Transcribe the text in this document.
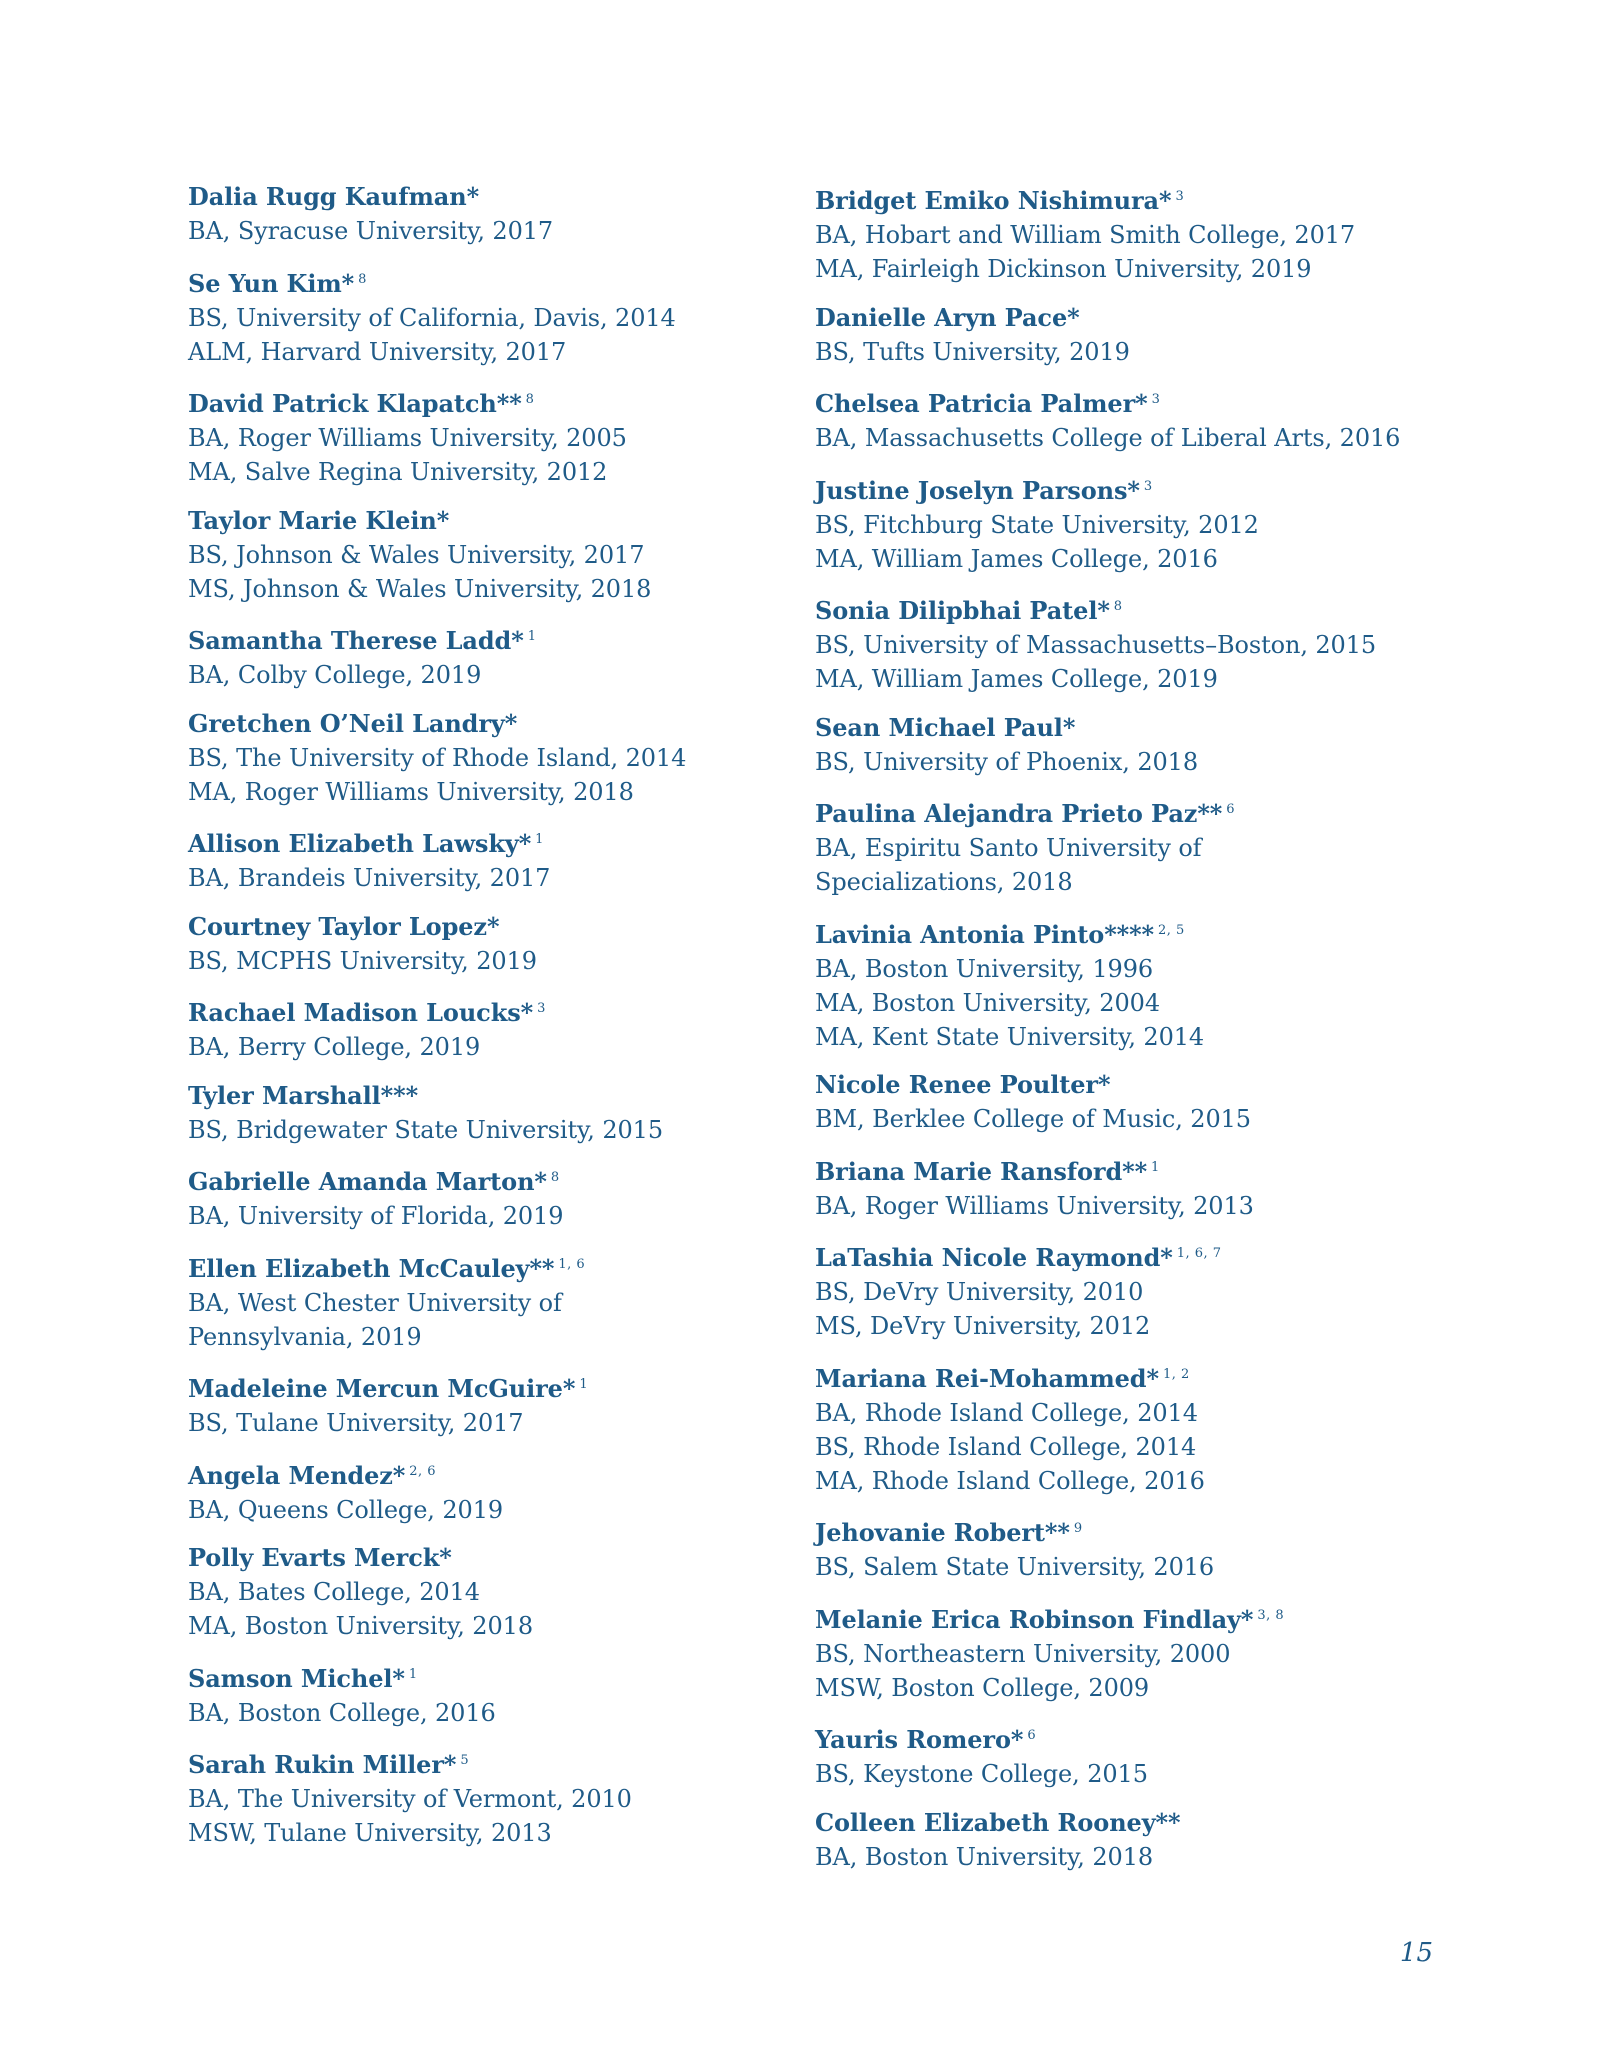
Dalia Rugg Kaufman*
BA, Syracuse University, 2017
Se Yun Kim* $^8$
BS, University of California, Davis, 2014
ALM, Harvard University, 2017
David Patrick Klapatch** $^8$
BA, Roger Williams University, 2005
MA, Salve Regina University, 2012
Taylor Marie Klein*
BS, Johnson & Wales University, 2017
MS, Johnson & Wales University, 2018
Samantha Therese Ladd* $^1$
BA, Colby College, 2019
Gretchen O’Neil Landry*
BS, The University of Rhode Island, 2014
MA, Roger Williams University, 2018
Allison Elizabeth Lawsky* $^1$
BA, Brandeis University, 2017
Courtney Taylor Lopez*
BS, MCPHS University, 2019
Rachael Madison Loucks* $^3$
BA, Berry College, 2019
Tyler Marshall***
BS, Bridgewater State University, 2015
Gabrielle Amanda Marton* $^8$
BA, University of Florida, 2019
Ellen Elizabeth McCauley** $^{1, 6}$
BA, West Chester University of
Pennsylvania, 2019
Madeleine Mercun McGuire* $^1$
BS, Tulane University, 2017
Angela Mendez* $^{2, 6}$
BA, Queens College, 2019
Polly Evarts Merck*
BA, Bates College, 2014
MA, Boston University, 2018
Samson Michel* $^1$
BA, Boston College, 2016
Sarah Rukin Miller* $^5$
BA, The University of Vermont, 2010
MSW, Tulane University, 2013
Bridget Emiko Nishimura* $^3$
BA, Hobart and William Smith College, 2017
MA, Fairleigh Dickinson University, 2019
Danielle Aryn Pace*
BS, Tufts University, 2019
Chelsea Patricia Palmer* $^3$
BA, Massachusetts College of Liberal Arts, 2016
Justine Joselyn Parsons* $^3$
BS, Fitchburg State University, 2012
MA, William James College, 2016
Sonia Dilipbhai Patel* $^8$
BS, University of Massachusetts–Boston, 2015
MA, William James College, 2019
Sean Michael Paul*
BS, University of Phoenix, 2018
Paulina Alejandra Prieto Paz** $^6$
BA, Espiritu Santo University of
Specializations, 2018
Lavinia Antonia Pinto**** $^{2, 5}$
BA, Boston University, 1996
MA, Boston University, 2004
MA, Kent State University, 2014
Nicole Renee Poulter*
BM, Berklee College of Music, 2015
Briana Marie Ransford** $^1$
BA, Roger Williams University, 2013
LaTashia Nicole Raymond* $^{1, 6, 7}$
BS, DeVry University, 2010
MS, DeVry University, 2012
Mariana Rei-Mohammed* $^{1, 2}$
BA, Rhode Island College, 2014
BS, Rhode Island College, 2014
MA, Rhode Island College, 2016
Jehovanie Robert** $^9$
BS, Salem State University, 2016
Melanie Erica Robinson Findlay* $^{3, 8}$
BS, Northeastern University, 2000
MSW, Boston College, 2009
Yauris Romero* $^6$
BS, Keystone College, 2015
Colleen Elizabeth Rooney**
BA, Boston University, 2018
15
